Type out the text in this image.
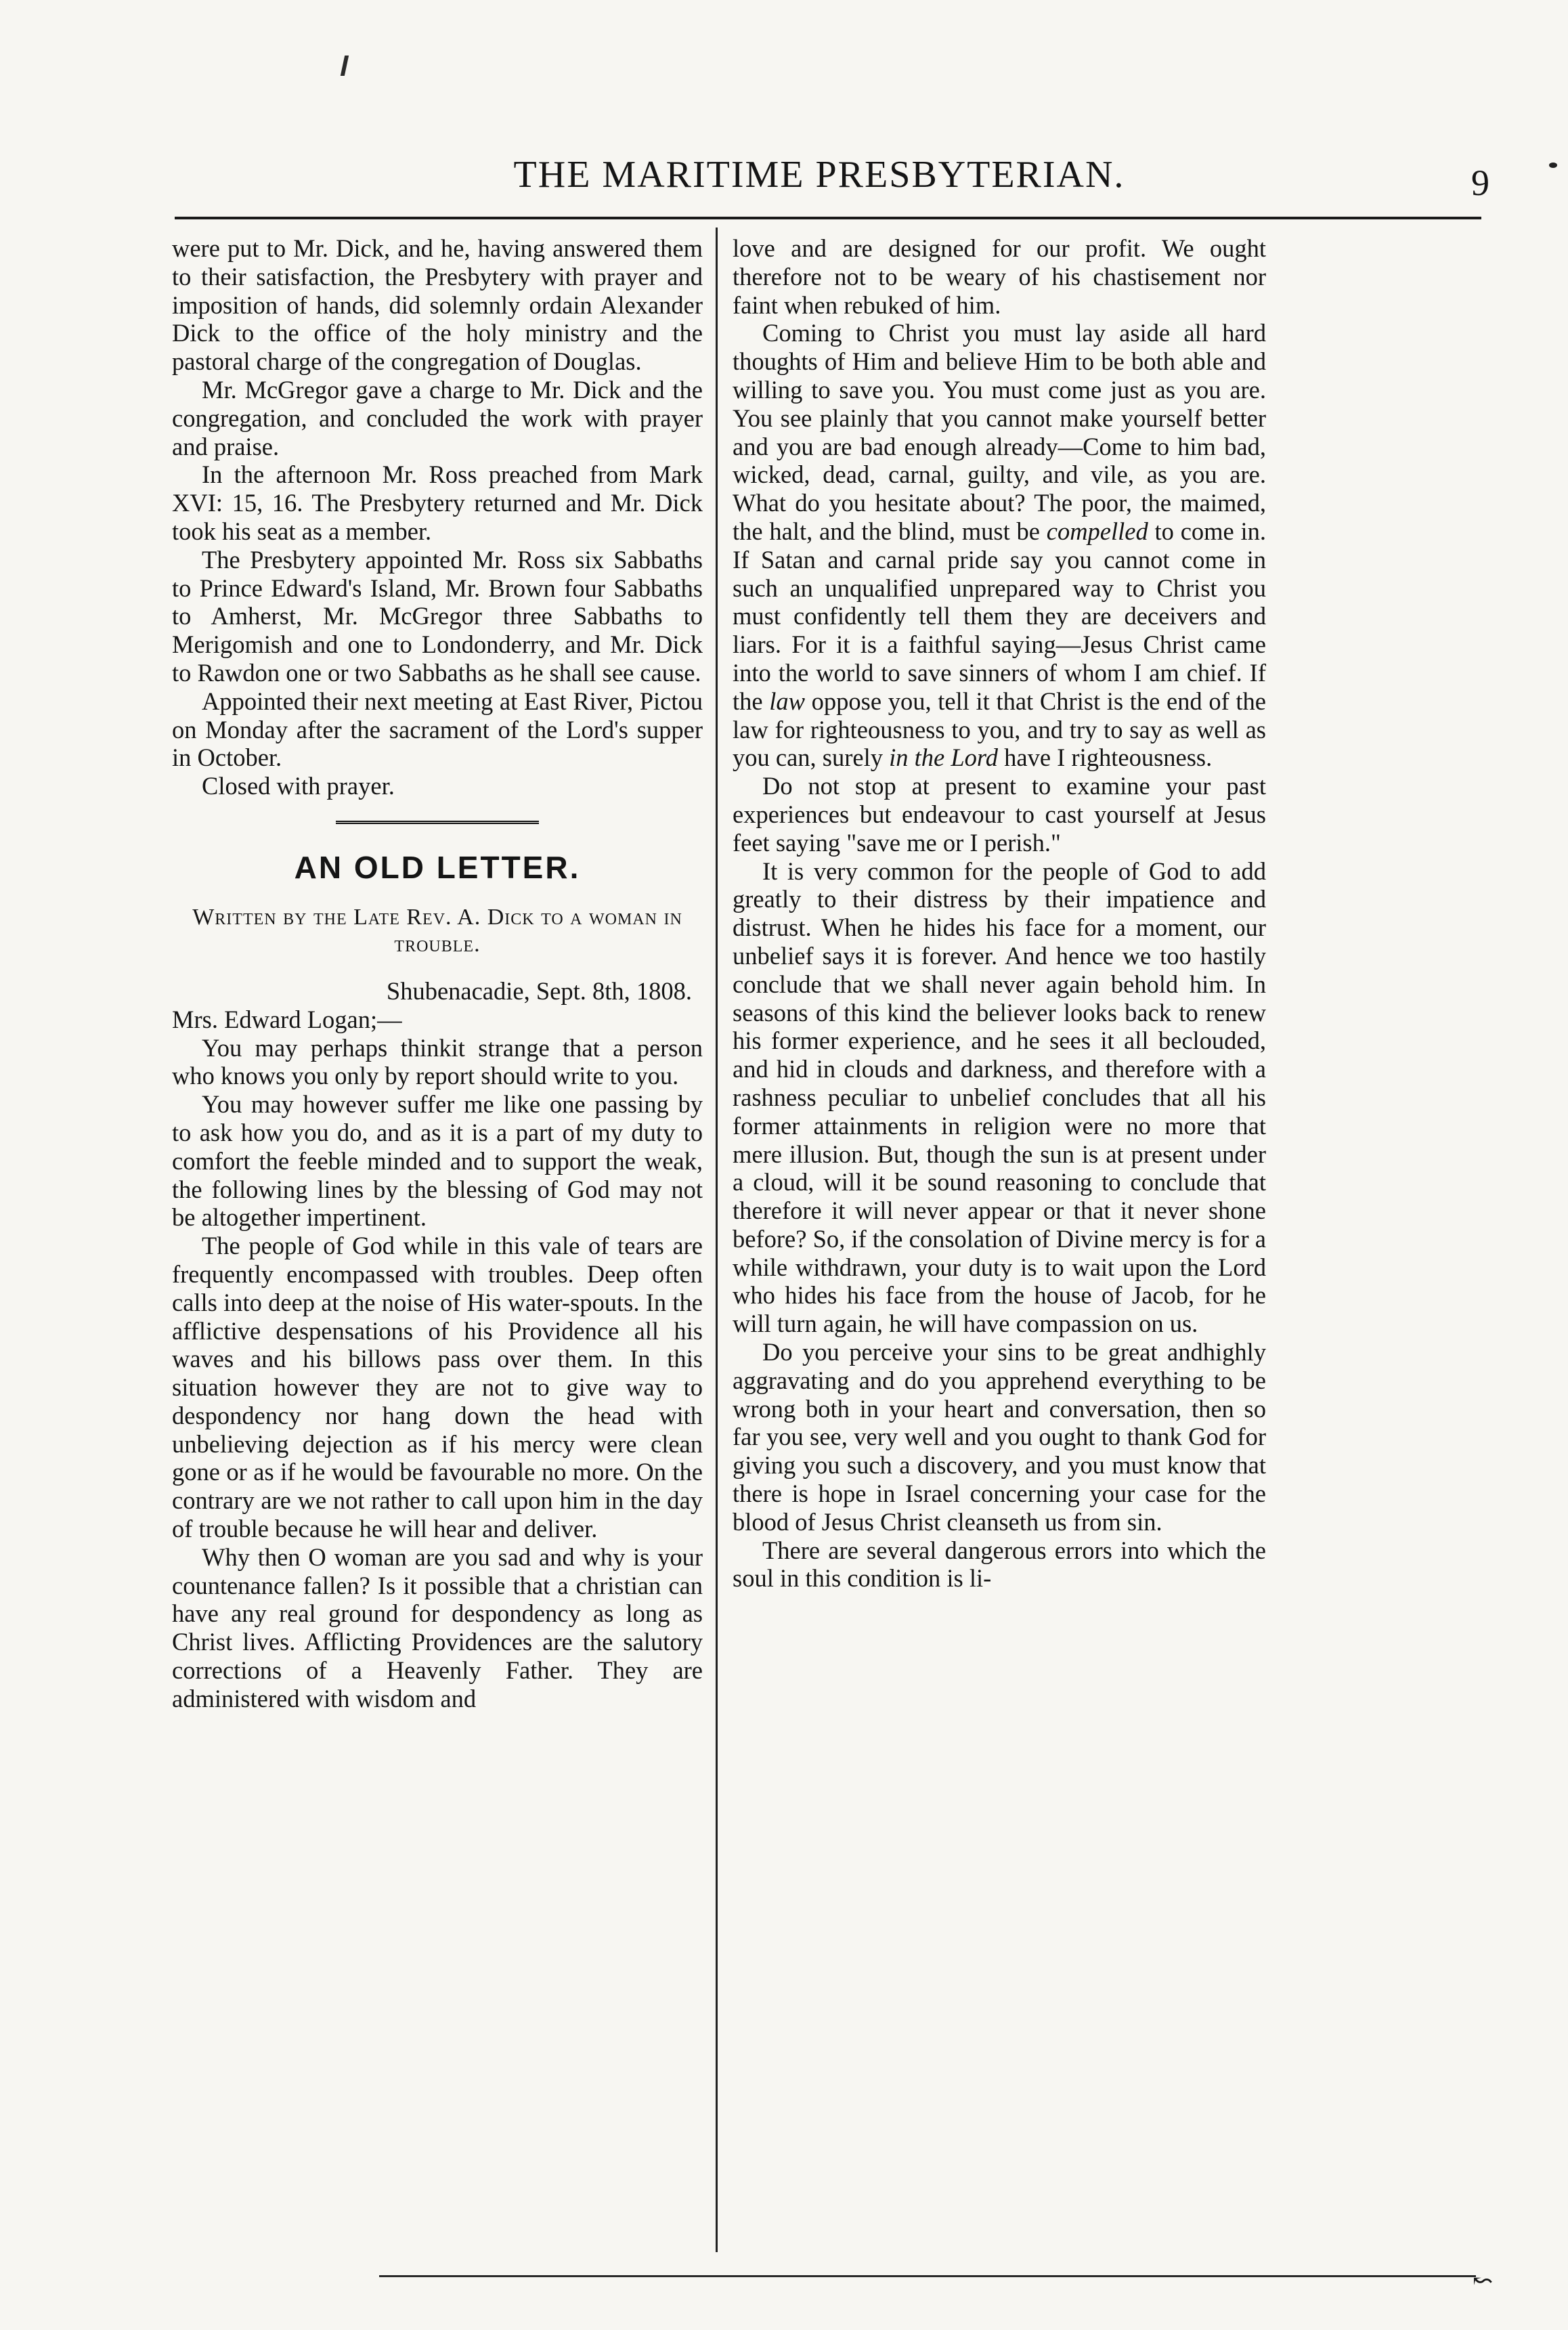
THE MARITIME PRESBYTERIAN.	9

were put to Mr. Dick, and he, having answered them to their satisfaction, the Presbytery with prayer and imposition of hands, did solemnly ordain Alexander Dick to the office of the holy ministry and the pastoral charge of the congregation of Douglas.

Mr. McGregor gave a charge to Mr. Dick and the congregation, and concluded the work with prayer and praise.

In the afternoon Mr. Ross preached from Mark XVI: 15, 16. The Presbytery returned and Mr. Dick took his seat as a member.

The Presbytery appointed Mr. Ross six Sabbaths to Prince Edward's Island, Mr. Brown four Sabbaths to Amherst, Mr. McGregor three Sabbaths to Merigomish and one to Londonderry, and Mr. Dick to Rawdon one or two Sabbaths as he shall see cause.

Appointed their next meeting at East River, Pictou on Monday after the sacrament of the Lord's supper in October.

Closed with prayer.

AN OLD LETTER.
Written by the Late Rev. A. Dick to a woman in trouble.

Shubenacadie, Sept. 8th, 1808.

Mrs. Edward Logan;—

You may perhaps thinkit strange that a person who knows you only by report should write to you.

You may however suffer me like one passing by to ask how you do, and as it is a part of my duty to comfort the feeble minded and to support the weak, the following lines by the blessing of God may not be altogether impertinent.

The people of God while in this vale of tears are frequently encompassed with troubles. Deep often calls into deep at the noise of His water-spouts. In the afflictive despensations of his Providence all his waves and his billows pass over them. In this situation however they are not to give way to despondency nor hang down the head with unbelieving dejection as if his mercy were clean gone or as if he would be favourable no more. On the contrary are we not rather to call upon him in the day of trouble because he will hear and deliver.

Why then O woman are you sad and why is your countenance fallen? Is it possible that a christian can have any real ground for despondency as long as Christ lives. Afflicting Providences are the salutory corrections of a Heavenly Father. They are administered with wisdom and

love and are designed for our profit. We ought therefore not to be weary of his chastisement nor faint when rebuked of him.

Coming to Christ you must lay aside all hard thoughts of Him and believe Him to be both able and willing to save you. You must come just as you are. You see plainly that you cannot make yourself better and you are bad enough already—Come to him bad, wicked, dead, carnal, guilty, and vile, as you are. What do you hesitate about? The poor, the maimed, the halt, and the blind, must be compelled to come in. If Satan and carnal pride say you cannot come in such an unqualified unprepared way to Christ you must confidently tell them they are deceivers and liars. For it is a faithful saying—Jesus Christ came into the world to save sinners of whom I am chief. If the law oppose you, tell it that Christ is the end of the law for righteousness to you, and try to say as well as you can, surely in the Lord have I righteousness.

Do not stop at present to examine your past experiences but endeavour to cast yourself at Jesus feet saying "save me or I perish."

It is very common for the people of God to add greatly to their distress by their impatience and distrust. When he hides his face for a moment, our unbelief says it is forever. And hence we too hastily conclude that we shall never again behold him. In seasons of this kind the believer looks back to renew his former experience, and he sees it all beclouded, and hid in clouds and darkness, and therefore with a rashness peculiar to unbelief concludes that all his former attainments in religion were no more that mere illusion. But, though the sun is at present under a cloud, will it be sound reasoning to conclude that therefore it will never appear or that it never shone before? So, if the consolation of Divine mercy is for a while withdrawn, your duty is to wait upon the Lord who hides his face from the house of Jacob, for he will turn again, he will have compassion on us.

Do you perceive your sins to be great andhighly aggravating and do you apprehend everything to be wrong both in your heart and conversation, then so far you see, very well and you ought to thank God for giving you such a discovery, and you must know that there is hope in Israel concerning your case for the blood of Jesus Christ cleanseth us from sin.

There are several dangerous errors into which the soul in this condition is li-

↜
